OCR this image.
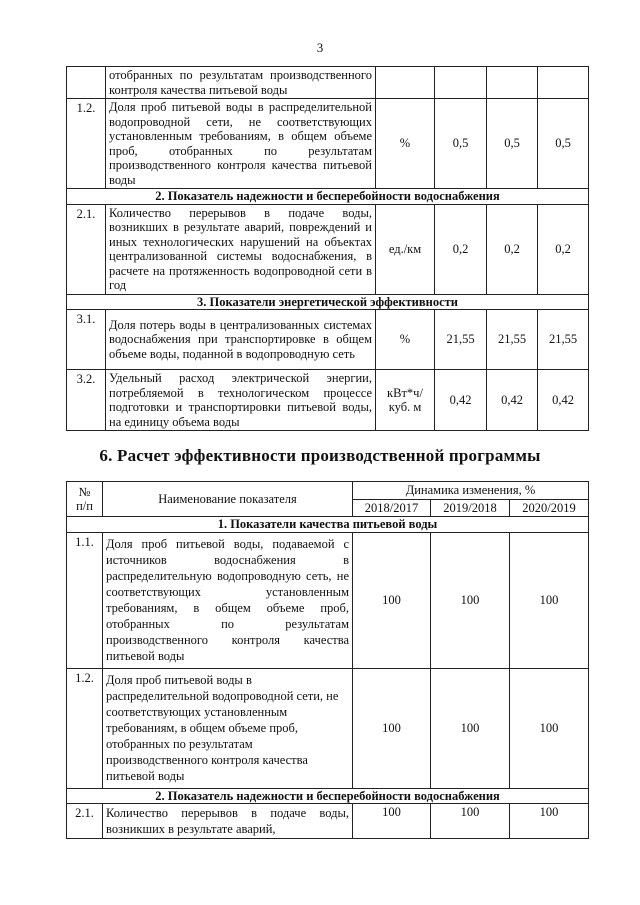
3
	отобранных по результатам производственного контроля качества питьевой воды				
1.2.	Доля проб питьевой воды в распределительной водопроводной сети, не соответствующих установленным требованиям, в общем объеме проб, отобранных по результатам производственного контроля качества питьевой воды	%	0,5	0,5	0,5
2. Показатель надежности и бесперебойности водоснабжения					
2.1.	Количество перерывов в подаче воды, возникших в результате аварий, повреждений и иных технологических нарушений на объектах централизованной системы водоснабжения, в расчете на протяженность водопроводной сети в год	ед./км	0,2	0,2	0,2
3. Показатели энергетической эффективности					
3.1.	Доля потерь воды в централизованных системах водоснабжения при транспортировке в общем объеме воды, поданной в водопроводную сеть	%	21,55	21,55	21,55
3.2.	Удельный расход электрической энергии, потребляемой в технологическом процессе подготовки и транспортировки питьевой воды, на единицу объема воды	кВт*ч/ куб. м	0,42	0,42	0,42
6. Расчет эффективности производственной программы
№
п/п	Наименование показателя	Динамика изменения, %		
		2018/2017	2019/2018	2020/2019
1. Показатели качества питьевой воды				
1.1.	Доля проб питьевой воды, подаваемой с источников водоснабжения в распределительную водопроводную сеть, не соответствующих установленным требованиям, в общем объеме проб, отобранных по результатам производственного контроля качества питьевой воды	100	100	100
1.2.	Доля проб питьевой воды в распределительной водопроводной сети, не соответствующих установленным требованиям, в общем объеме проб, отобранных по результатам производственного контроля качества питьевой воды	100	100	100
2. Показатель надежности и бесперебойности водоснабжения				
2.1.	Количество перерывов в подаче воды, возникших в результате аварий,	100	100	100
